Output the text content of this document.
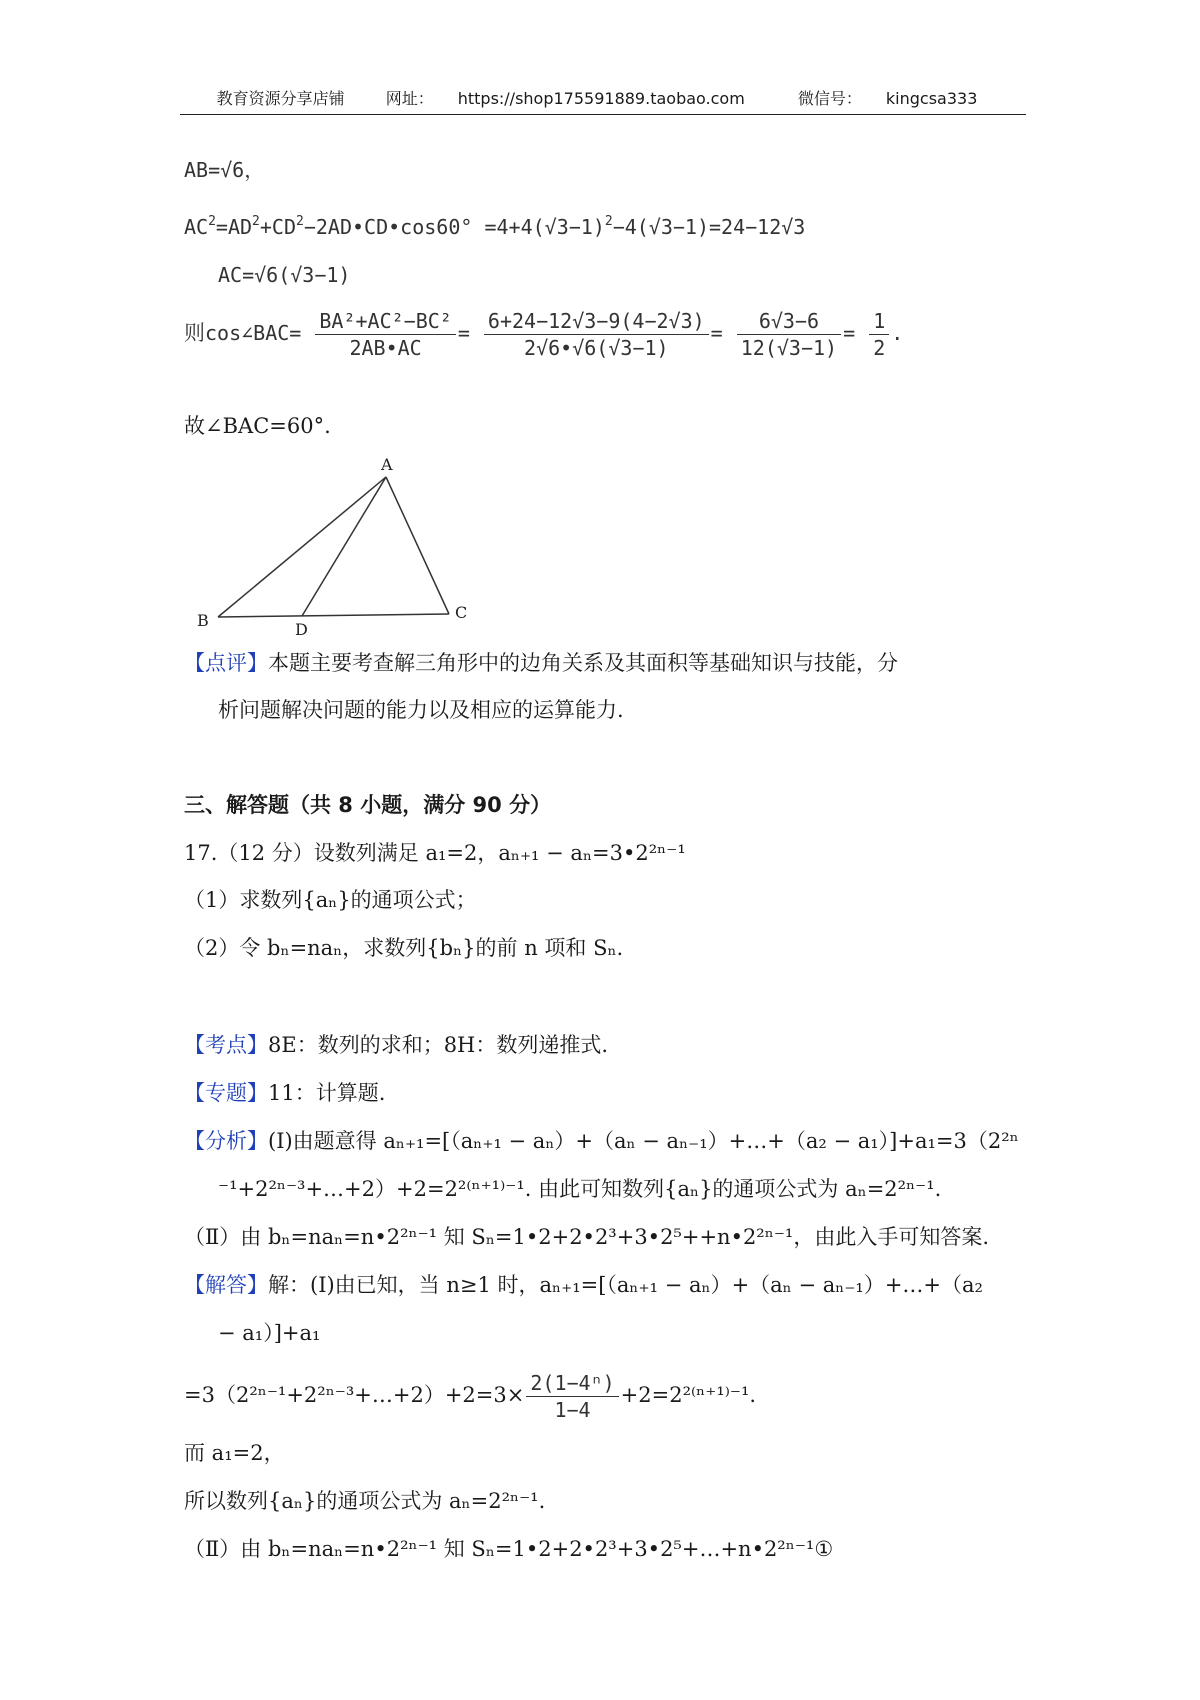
教育资源分享店铺	网址： https://shop175591889.taobao.com	微信号： kingcsa333
AB=√6，
$AC^2=AD^2+CD^2-2AD•CD•\cos 60^\circ =4+4(√3-1)^2-4(√3-1)=24-12√3$
AC=√6(√3−1)
则cos∠BAC= $\frac{\text{BA²+AC²−BC²}}{2AB•AC} = \frac{6+24-12√3-9(4-2√3)}{2√6•√6(√3-1)} = \frac{6√3-6}{12(√3-1)} = \frac{1}{2}$ .
故∠BAC=60°.
A
B	C
D
【点评】本题主要考查解三角形中的边角关系及其面积等基础知识与技能，分
析问题解决问题的能力以及相应的运算能力.
三、解答题（共 8 小题，满分 90 分）
17.（12 分）设数列满足 a₁=2，aₙ₊₁ − aₙ=3•2²ⁿ⁻¹
（1）求数列{aₙ}的通项公式；
（2）令 bₙ=naₙ，求数列{bₙ}的前 n 项和 Sₙ.
【考点】8E：数列的求和；8H：数列递推式.
【专题】11：计算题.
【分析】(Ⅰ)由题意得 aₙ₊₁=[（aₙ₊₁ − aₙ）+（aₙ − aₙ₋₁）+…+（a₂ − a₁）]+a₁=3（2²ⁿ
⁻¹+2²ⁿ⁻³+…+2）+2=2²⁽ⁿ⁺¹⁾⁻¹. 由此可知数列{aₙ}的通项公式为 aₙ=2²ⁿ⁻¹.
（Ⅱ）由 bₙ=naₙ=n•2²ⁿ⁻¹ 知 Sₙ=1•2+2•2³+3•2⁵++n•2²ⁿ⁻¹，由此入手可知答案.
【解答】解：(Ⅰ)由已知，当 n≥1 时，aₙ₊₁=[（aₙ₊₁ − aₙ）+（aₙ − aₙ₋₁）+…+（a₂
− a₁）]+a₁
=3（2²ⁿ⁻¹+2²ⁿ⁻³+…+2）+2=3× $\frac{\text{2(1−4ⁿ)}}{1-4} +2=2^{2(n+1)-1}$.
而 a₁=2，
所以数列{aₙ}的通项公式为 aₙ=2²ⁿ⁻¹.
（Ⅱ）由 bₙ=naₙ=n•2²ⁿ⁻¹ 知 Sₙ=1•2+2•2³+3•2⁵+…+n•2²ⁿ⁻¹①
